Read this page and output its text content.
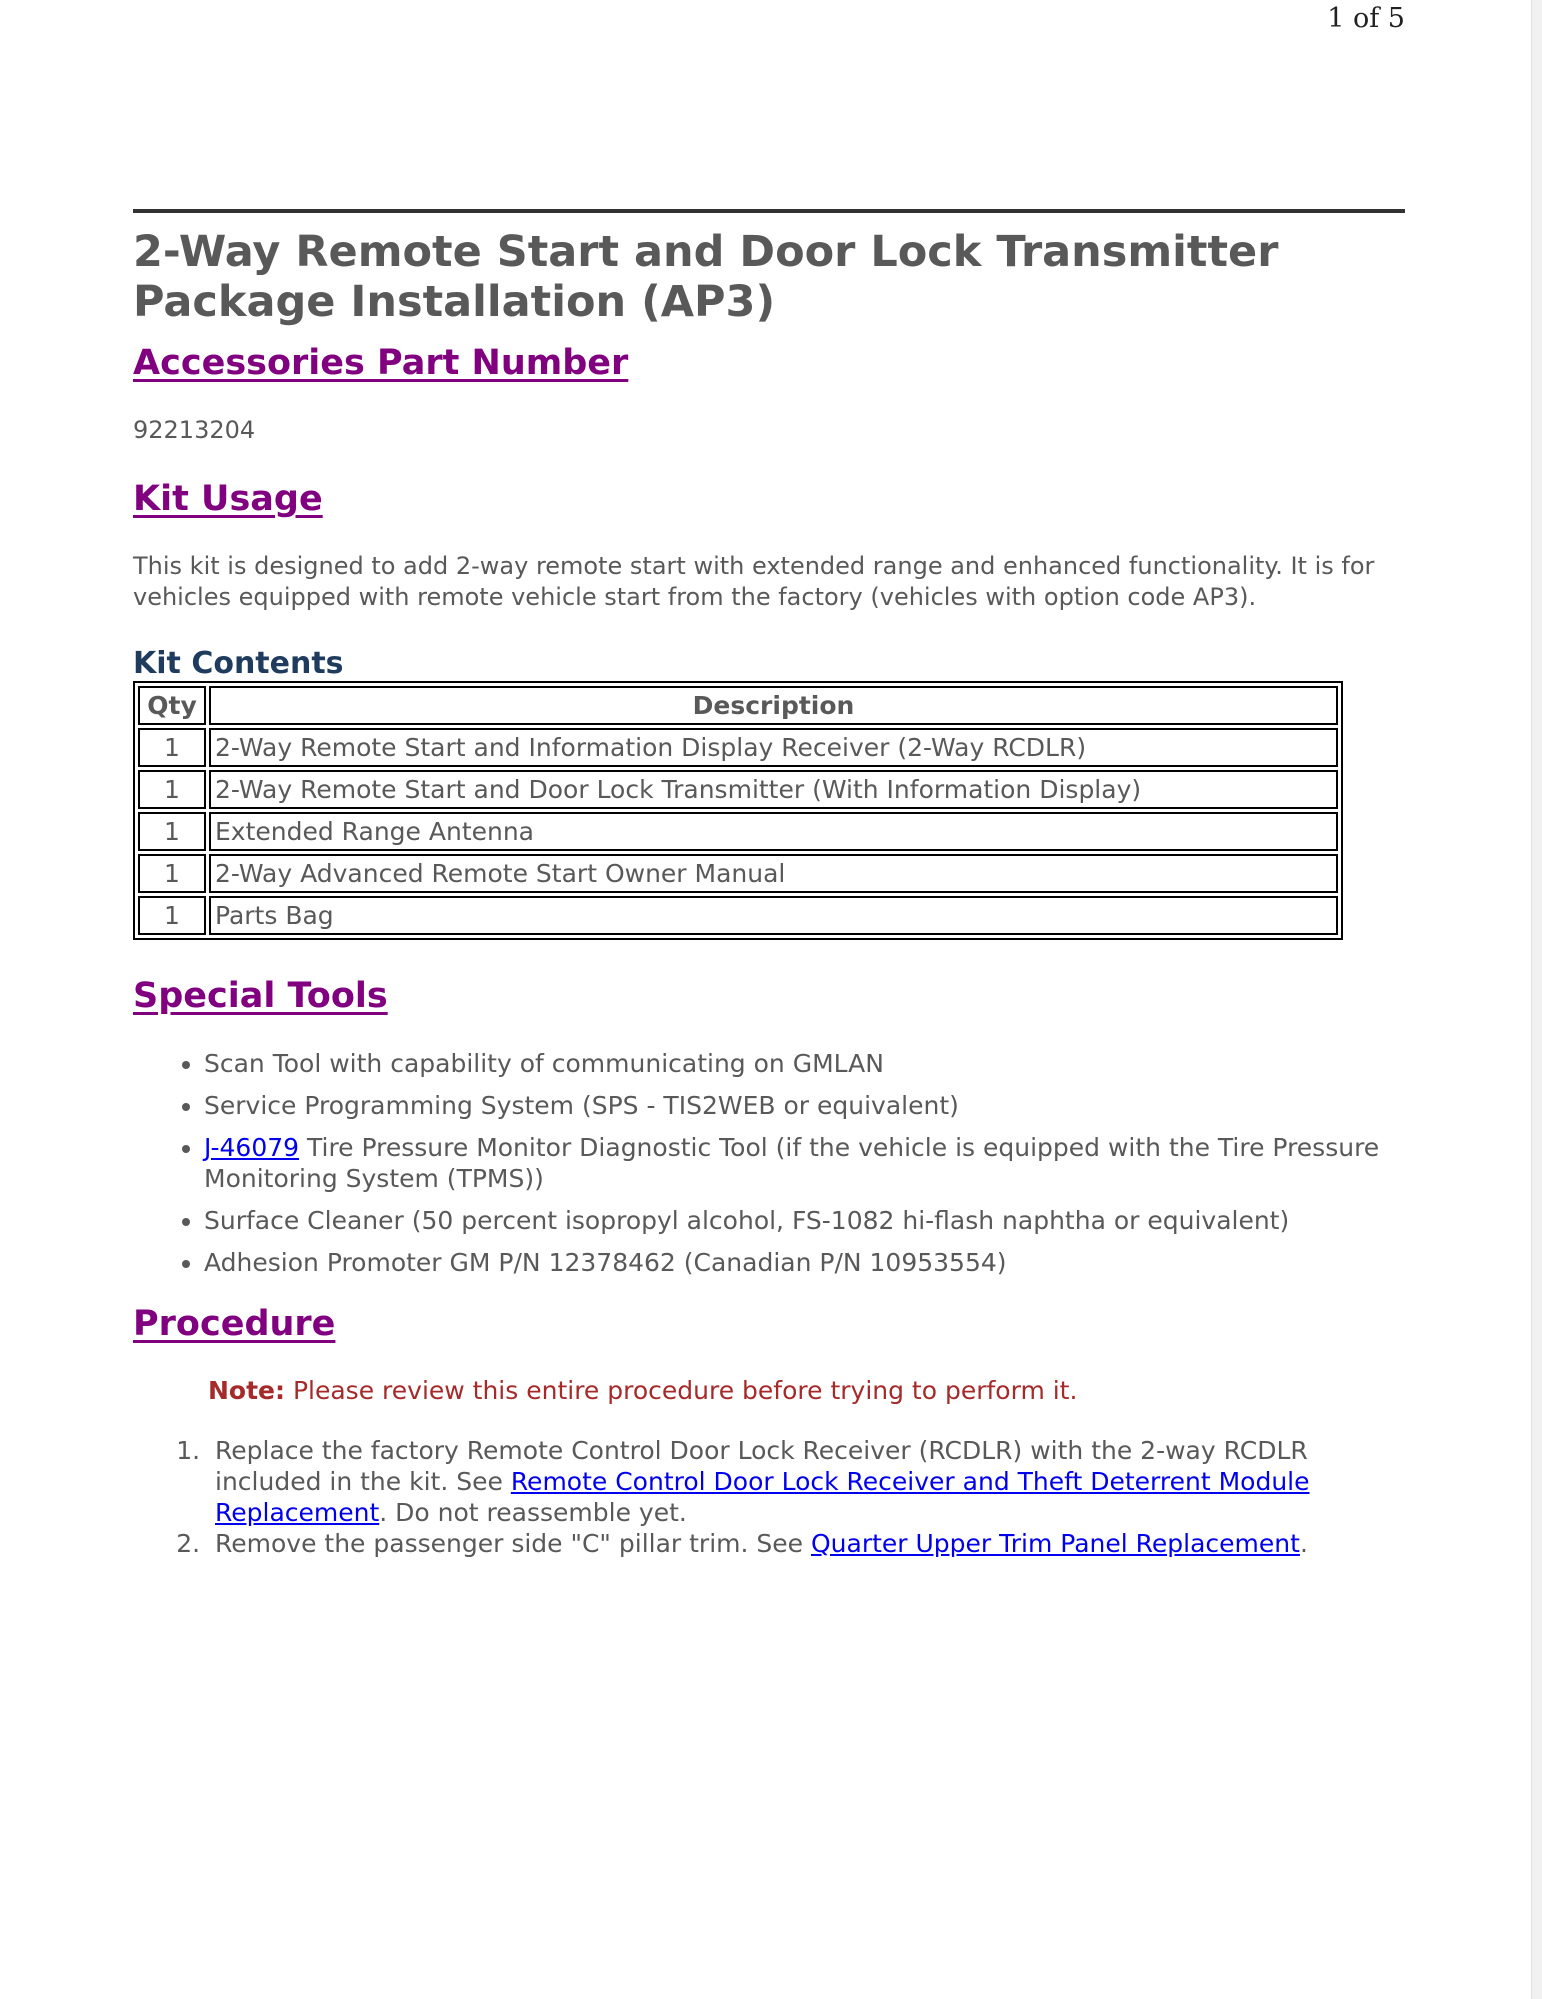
1 of 5
2-Way Remote Start and Door Lock Transmitter Package Installation (AP3)
Accessories Part Number

92213204

Kit Usage

This kit is designed to add 2-way remote start with extended range and enhanced functionality. It is for vehicles equipped with remote vehicle start from the factory (vehicles with option code AP3).

Kit Contents
Qty	Description
1	2-Way Remote Start and Information Display Receiver (2-Way RCDLR)
1	2-Way Remote Start and Door Lock Transmitter (With Information Display)
1	Extended Range Antenna
1	2-Way Advanced Remote Start Owner Manual
1	Parts Bag
Special Tools
• Scan Tool with capability of communicating on GMLAN
• Service Programming System (SPS - TIS2WEB or equivalent)
• J-46079 Tire Pressure Monitor Diagnostic Tool (if the vehicle is equipped with the Tire Pressure Monitoring System (TPMS))
• Surface Cleaner (50 percent isopropyl alcohol, FS-1082 hi-flash naphtha or equivalent)
• Adhesion Promoter GM P/N 12378462 (Canadian P/N 10953554)
Procedure

Note: Please review this entire procedure before trying to perform it.

1. Replace the factory Remote Control Door Lock Receiver (RCDLR) with the 2-way RCDLR included in the kit. See Remote Control Door Lock Receiver and Theft Deterrent Module Replacement. Do not reassemble yet.
2. Remove the passenger side "C" pillar trim. See Quarter Upper Trim Panel Replacement.
